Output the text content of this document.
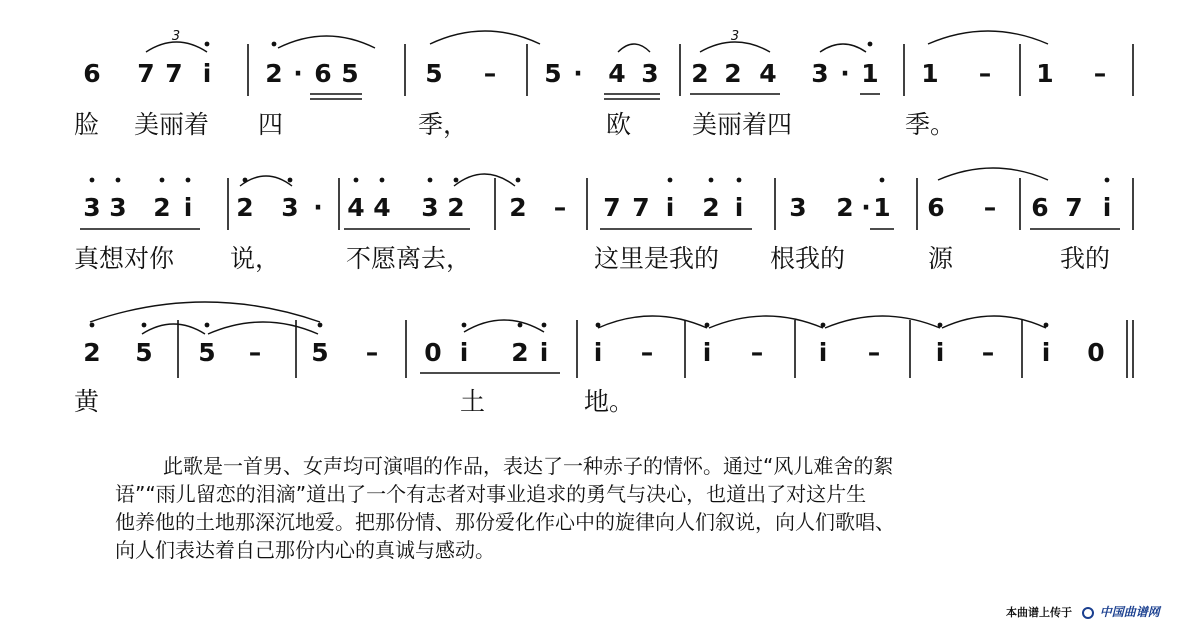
6 7 7 i 2 6 5	5 – 5 4 3 2 2 4 3 1 1 – 1 –
·	·	·
3	3
脸 美丽着 四	季，	欧 美丽着四	季。
3 3 2 i 2 3 4 4 3 2 2 – 7 7 i 2 i 3 2 1 6 – 6 7 i
·	·
真想对你 说，	不愿离去，	这里是我的 根我的	源	我的
2 5 5 – 5 – 0 i 2 i i – i – i – i – i 0
黄	土	地。
此歌是一首男、女声均可演唱的作品，表达了一种赤子的情怀。通过“风儿难舍的絮
语”“雨儿留恋的泪滴”道出了一个有志者对事业追求的勇气与决心，也道出了对这片生
他养他的土地那深沉地爱。把那份情、那份爱化作心中的旋律向人们叙说，向人们歌唱、
向人们表达着自己那份内心的真诚与感动。
本曲谱上传于 中国曲谱网
